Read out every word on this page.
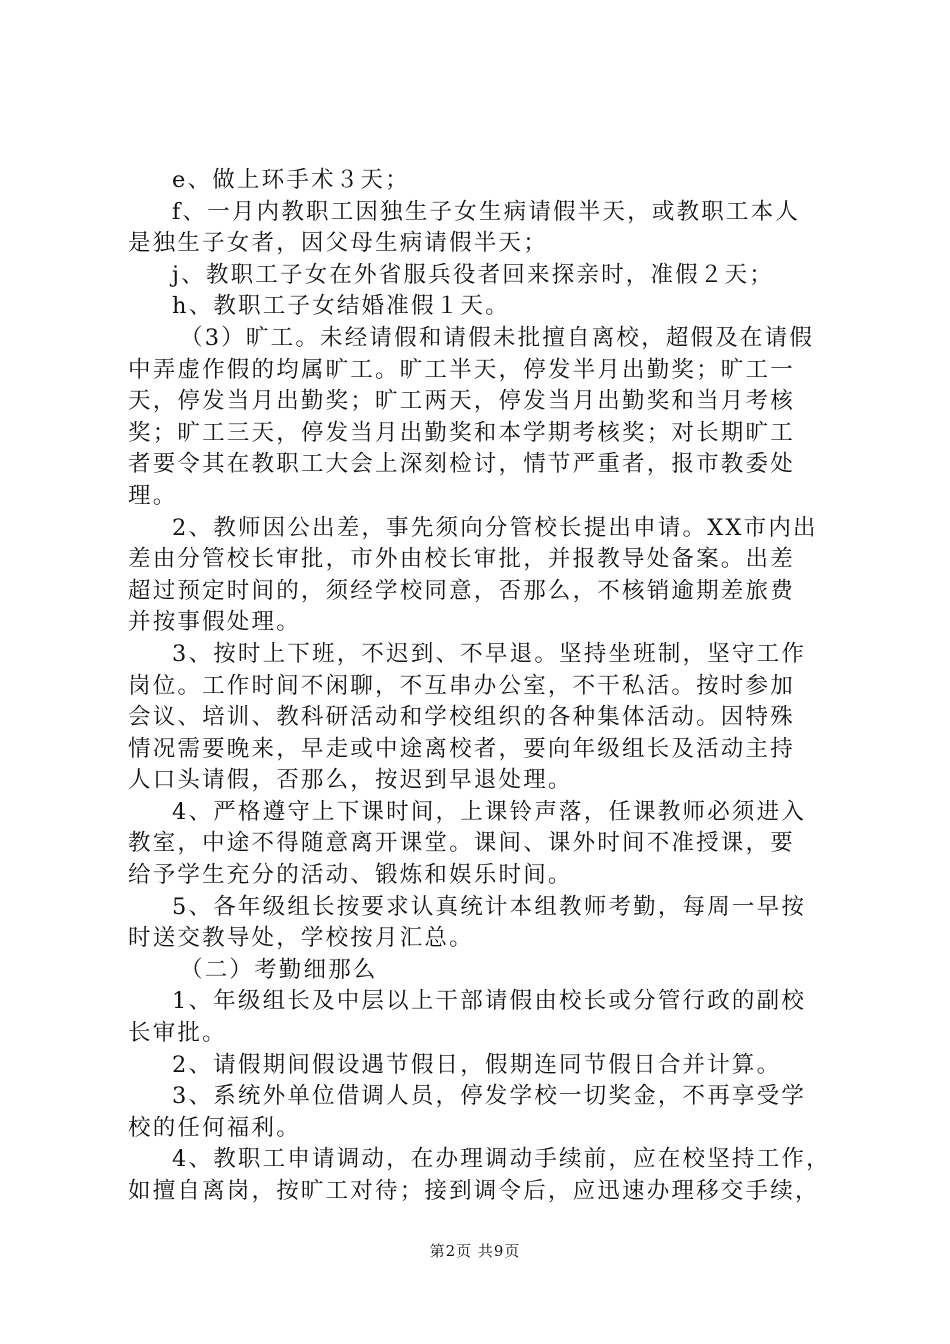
e、做上环手术３天；
f、一月内教职工因独生子女生病请假半天，或教职工本人
是独生子女者，因父母生病请假半天；
j、教职工子女在外省服兵役者回来探亲时，准假２天；
h、教职工子女结婚准假１天。
（3）旷工。未经请假和请假未批擅自离校，超假及在请假
中弄虚作假的均属旷工。旷工半天，停发半月出勤奖；旷工一
天，停发当月出勤奖；旷工两天，停发当月出勤奖和当月考核
奖；旷工三天，停发当月出勤奖和本学期考核奖；对长期旷工
者要令其在教职工大会上深刻检讨，情节严重者，报市教委处
理。
2、教师因公出差，事先须向分管校长提出申请。XX市内出
差由分管校长审批，市外由校长审批，并报教导处备案。出差
超过预定时间的，须经学校同意，否那么，不核销逾期差旅费
并按事假处理。
3、按时上下班，不迟到、不早退。坚持坐班制，坚守工作
岗位。工作时间不闲聊，不互串办公室，不干私活。按时参加
会议、培训、教科研活动和学校组织的各种集体活动。因特殊
情况需要晚来，早走或中途离校者，要向年级组长及活动主持
人口头请假，否那么，按迟到早退处理。
4、严格遵守上下课时间，上课铃声落，任课教师必须进入
教室，中途不得随意离开课堂。课间、课外时间不准授课，要
给予学生充分的活动、锻炼和娱乐时间。
5、各年级组长按要求认真统计本组教师考勤，每周一早按
时送交教导处，学校按月汇总。
（二）考勤细那么
1、年级组长及中层以上干部请假由校长或分管行政的副校
长审批。
2、请假期间假设遇节假日，假期连同节假日合并计算。
3、系统外单位借调人员，停发学校一切奖金，不再享受学
校的任何福利。
4、教职工申请调动，在办理调动手续前，应在校坚持工作，
如擅自离岗，按旷工对待；接到调令后，应迅速办理移交手续，
第2页 共9页
